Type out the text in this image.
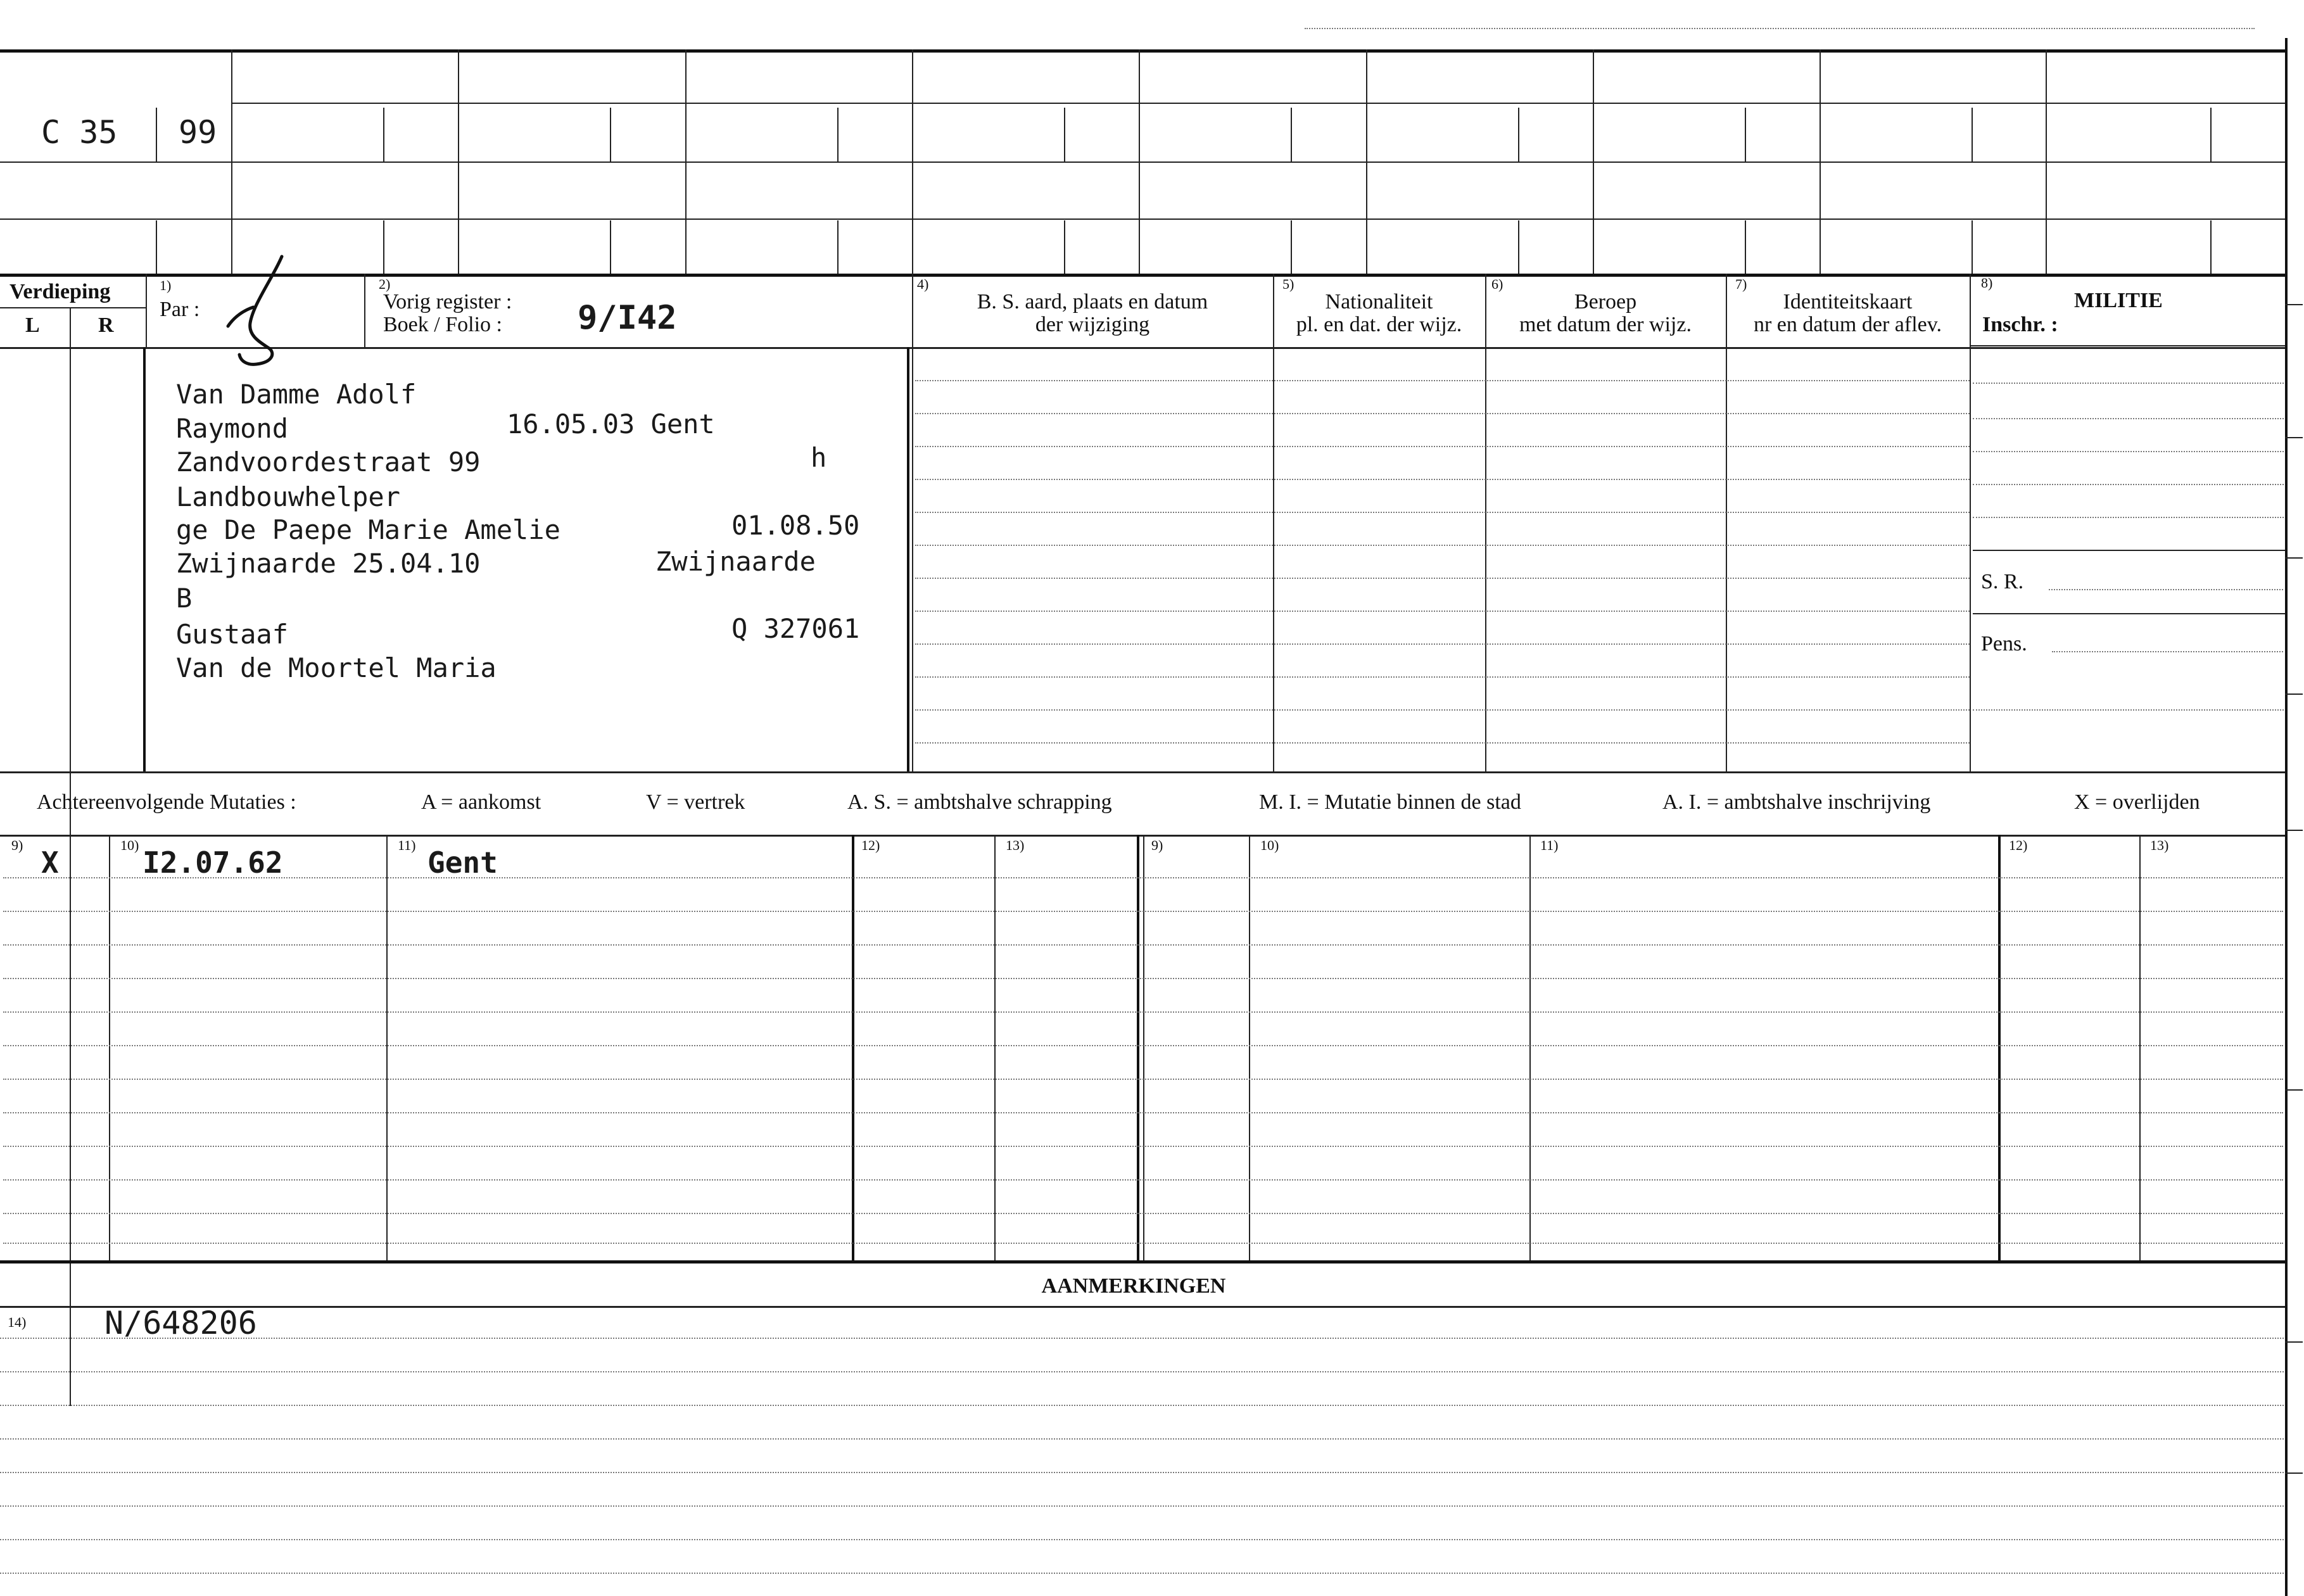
C 35 99
Verdieping
L	R
1)
Par :
2)
Vorig register :
Boek / Folio : 9/I42
4)
B. S. aard, plaats en datum
der wijziging
5)
Nationaliteit
pl. en dat. der wijz.
6)
Beroep
met datum der wijz.
7)
Identiteitskaart
nr en datum der aflev.
8)
MILITIE
Inschr. :
Van Damme Adolf
Raymond	16.05.03 Gent
Zandvoordestraat 99	h
Landbouwhelper
ge De Paepe Marie Amelie	01.08.50
Zwijnaarde 25.04.10	Zwijnaarde
B
Gustaaf	Q 327061
Van de Moortel Maria
S. R.
Pens.
Achtereenvolgende Mutaties :	A = aankomst	V = vertrek	A. S. = ambtshalve schrapping	M. I. = Mutatie binnen de stad	A. I. = ambtshalve inschrijving	X = overlijden
9)	10)	11)	12)	13)	9)	10)	11)	12)	13)
X	I2.07.62	Gent
AANMERKINGEN
14) N/648206
